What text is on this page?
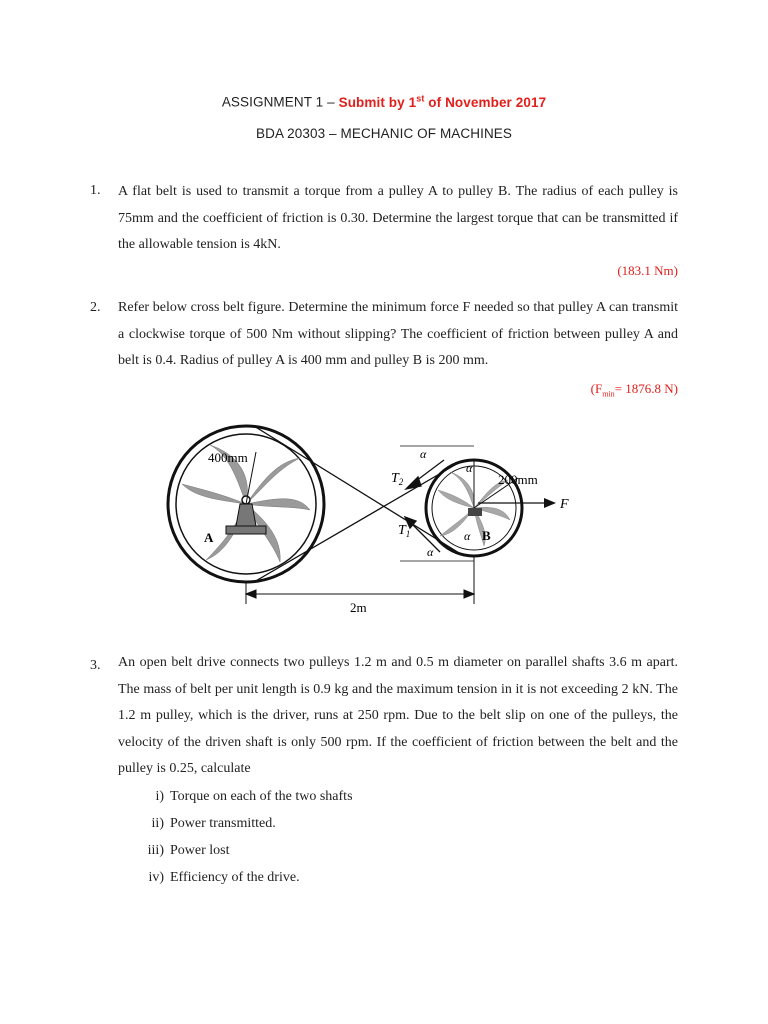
ASSIGNMENT 1 – Submit by 1st of November 2017
BDA 20303 – MECHANIC OF MACHINES
1. A flat belt is used to transmit a torque from a pulley A to pulley B. The radius of each pulley is 75mm and the coefficient of friction is 0.30. Determine the largest torque that can be transmitted if the allowable tension is 4kN.
(183.1 Nm)
2. Refer below cross belt figure. Determine the minimum force F needed so that pulley A can transmit a clockwise torque of 500 Nm without slipping? The coefficient of friction between pulley A and belt is 0.4. Radius of pulley A is 400 mm and pulley B is 200 mm.
($F_{min}= 1876.8$ N)
400mm
200mm
A	B
$T_2$
$T_1$
α
α
α
α
F
2m
3. An open belt drive connects two pulleys 1.2 m and 0.5 m diameter on parallel shafts 3.6 m apart. The mass of belt per unit length is 0.9 kg and the maximum tension in it is not exceeding 2 kN. The 1.2 m pulley, which is the driver, runs at 250 rpm. Due to the belt slip on one of the pulleys, the velocity of the driven shaft is only 500 rpm. If the coefficient of friction between the belt and the pulley is 0.25, calculate
i) Torque on each of the two shafts
ii) Power transmitted.
iii) Power lost
iv) Efficiency of the drive.
